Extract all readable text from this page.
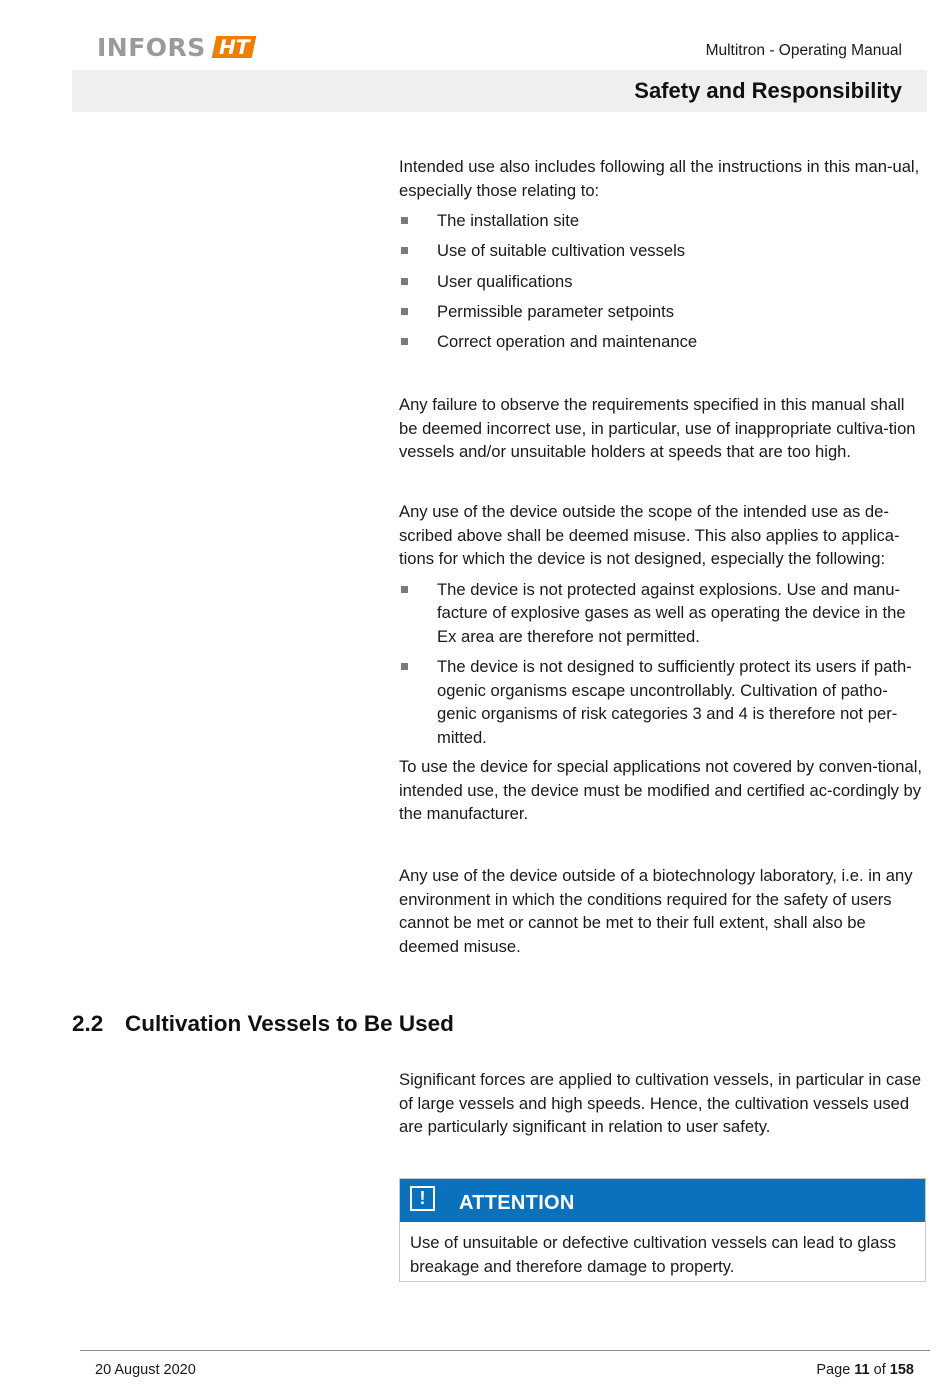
INFORS HT	Multitron - Operating Manual
Safety and Responsibility

Intended use also includes following all the instructions in this man-ual, especially those relating to:

The installation site
Use of suitable cultivation vessels
User qualifications
Permissible parameter setpoints
Correct operation and maintenance
Any failure to observe the requirements specified in this manual shall be deemed incorrect use, in particular, use of inappropriate cultiva-tion vessels and/or unsuitable holders at speeds that are too high.

Any use of the device outside the scope of the intended use as de-scribed above shall be deemed misuse. This also applies to applica-tions for which the device is not designed, especially the following:

The device is not protected against explosions. Use and manu-facture of explosive gases as well as operating the device in the Ex area are therefore not permitted.
The device is not designed to sufficiently protect its users if path-ogenic organisms escape uncontrollably. Cultivation of patho-genic organisms of risk categories 3 and 4 is therefore not per-mitted.

To use the device for special applications not covered by conven-tional, intended use, the device must be modified and certified ac-cordingly by the manufacturer.

Any use of the device outside of a biotechnology laboratory, i.e. in any environment in which the conditions required for the safety of users cannot be met or cannot be met to their full extent, shall also be deemed misuse.
2.2 Cultivation Vessels to Be Used
Significant forces are applied to cultivation vessels, in particular in case of large vessels and high speeds. Hence, the cultivation vessels used are particularly significant in relation to user safety.
!	ATTENTION
Use of unsuitable or defective cultivation vessels can lead to glass breakage and therefore damage to property.
20 August 2020	Page 11 of 158
